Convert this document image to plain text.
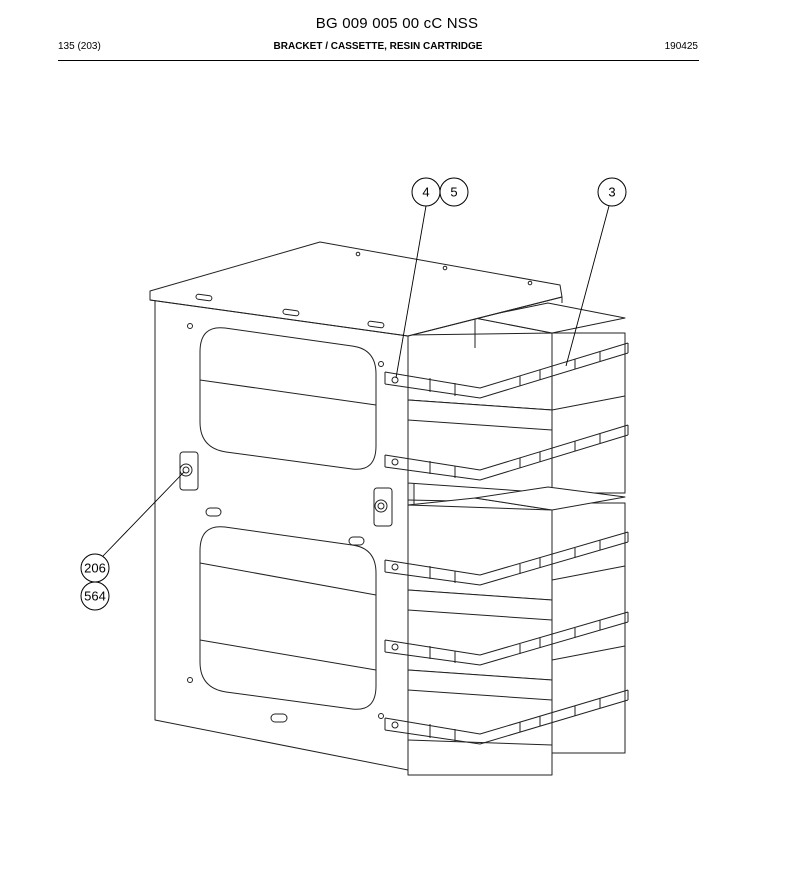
BG 009 005 00 cC NSS
135 (203)	BRACKET / CASSETTE, RESIN CARTRIDGE	190425
4 5	3
206
564
